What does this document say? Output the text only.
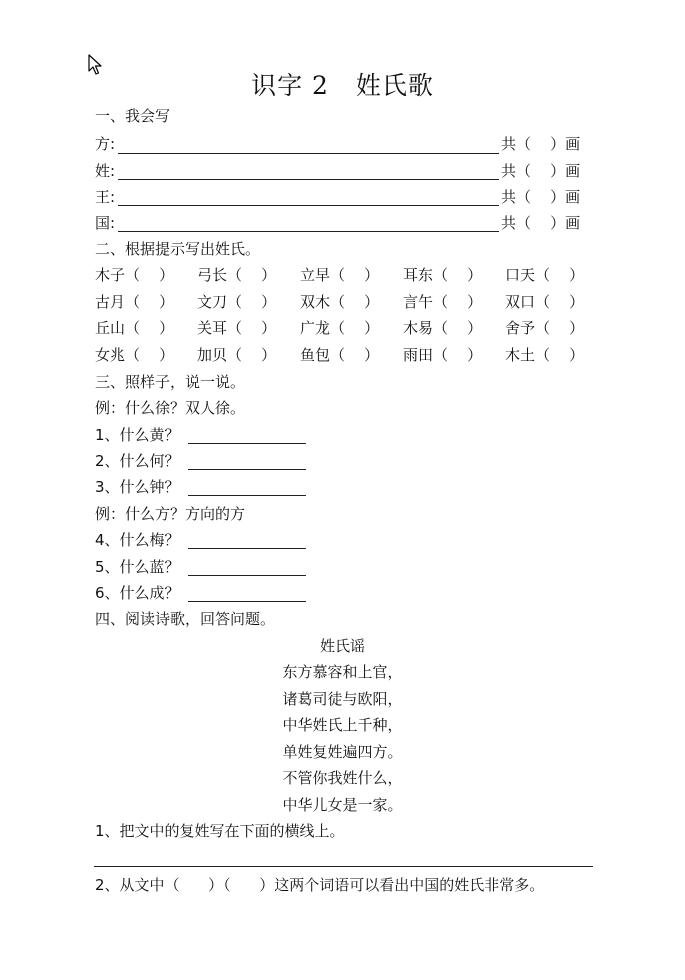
识字 2 姓氏歌
一、我会写
方:	共（    ）画
姓:	共（    ）画
王:	共（    ）画
国:	共（    ）画
二、根据提示写出姓氏。
木子（    ） 弓长（    ） 立早（    ） 耳东（    ） 口天（    ）
古月（    ） 文刀（    ） 双木（    ） 言午（    ） 双口（    ）
丘山（    ） 关耳（    ） 广龙（    ） 木易（    ） 舍予（    ）
女兆（    ） 加贝（    ） 鱼包（    ） 雨田（    ） 木土（    ）
三、照样子，说一说。
例：什么徐？双人徐。
1、什么黄？
2、什么何？
3、什么钟？
例：什么方？方向的方
4、什么梅？
5、什么蓝？
6、什么成？
四、阅读诗歌，回答问题。
姓氏谣
东方慕容和上官，
诸葛司徒与欧阳，
中华姓氏上千种，
单姓复姓遍四方。
不管你我姓什么，
中华儿女是一家。
1、把文中的复姓写在下面的横线上。
2、从文中（      ）（      ）这两个词语可以看出中国的姓氏非常多。
